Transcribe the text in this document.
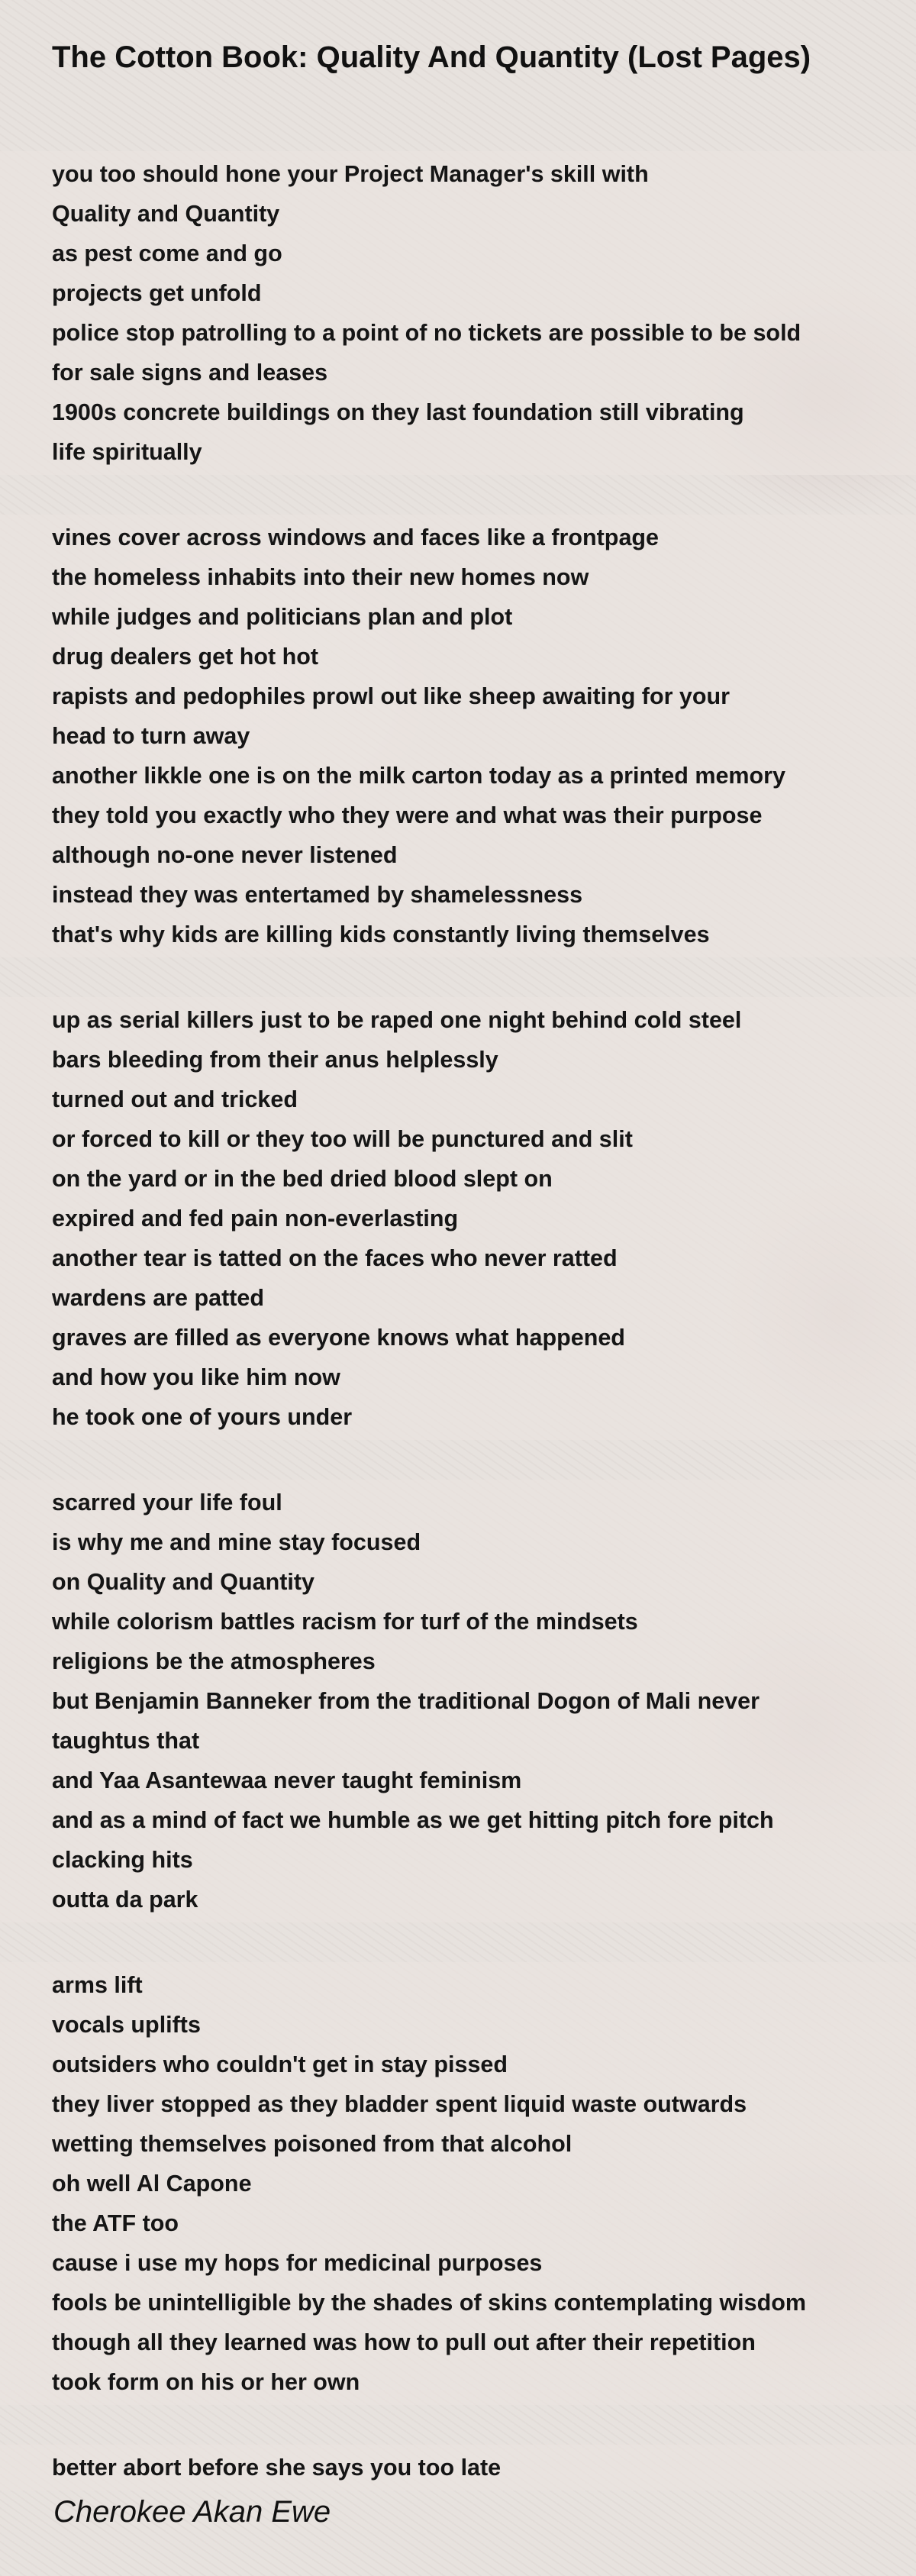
The Cotton Book: Quality And Quantity (Lost Pages)
you too should hone your Project Manager's skill with
Quality and Quantity
as pest come and go
projects get unfold
police stop patrolling to a point of no tickets are possible to be sold
for sale signs and leases
1900s concrete buildings on they last foundation still vibrating
life spiritually
vines cover across windows and faces like a frontpage
the homeless inhabits into their new homes now
while judges and politicians plan and plot
drug dealers get hot hot
rapists and pedophiles prowl out like sheep awaiting for your
head to turn away
another likkle one is on the milk carton today as a printed memory
they told you exactly who they were and what was their purpose
although no-one never listened
instead they was entertamed by shamelessness
that's why kids are killing kids constantly living themselves
up as serial killers just to be raped one night behind cold steel
bars bleeding from their anus helplessly
turned out and tricked
or forced to kill or they too will be punctured and slit
on the yard or in the bed dried blood slept on
expired and fed pain non-everlasting
another tear is tatted on the faces who never ratted
wardens are patted
graves are filled as everyone knows what happened
and how you like him now
he took one of yours under
scarred your life foul
is why me and mine stay focused
on Quality and Quantity
while colorism battles racism for turf of the mindsets
religions be the atmospheres
but Benjamin Banneker from the traditional Dogon of Mali never
taughtus that
and Yaa Asantewaa never taught feminism
and as a mind of fact we humble as we get hitting pitch fore pitch
clacking hits
outta da park
arms lift
vocals uplifts
outsiders who couldn't get in stay pissed
they liver stopped as they bladder spent liquid waste outwards
wetting themselves poisoned from that alcohol
oh well Al Capone
the ATF too
cause i use my hops for medicinal purposes
fools be unintelligible by the shades of skins contemplating wisdom
though all they learned was how to pull out after their repetition
took form on his or her own
better abort before she says you too late
Cherokee Akan Ewe
